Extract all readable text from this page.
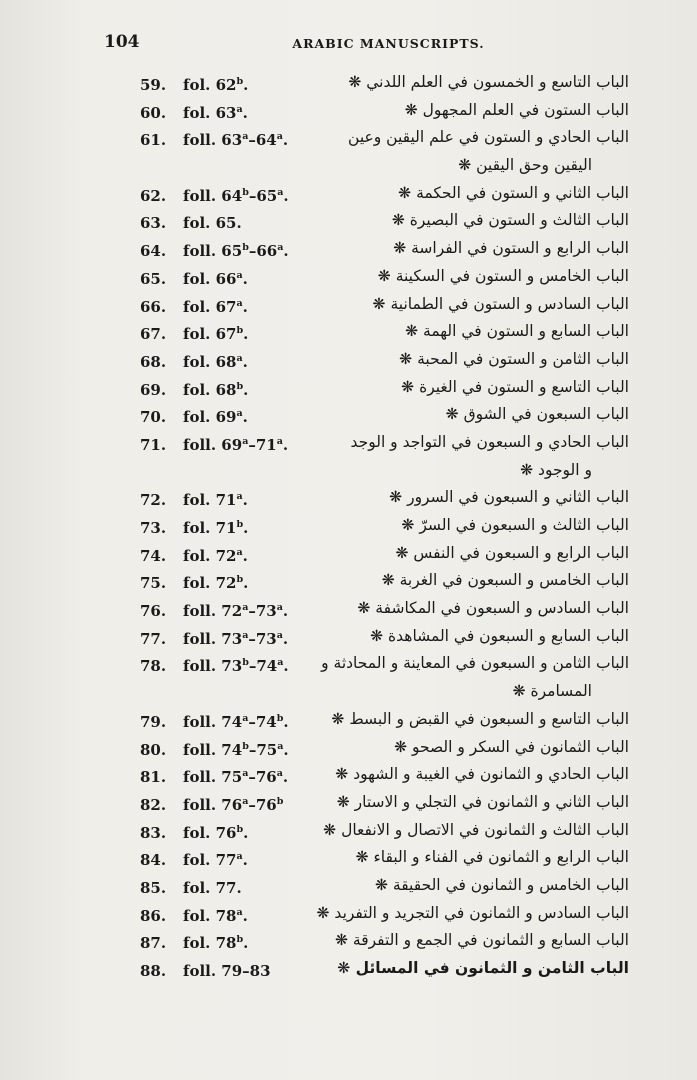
104	ARABIC MANUSCRIPTS.
59. fol. 62$^b$.	الباب التاسع و الخمسون في العلم اللدني ❋
60. fol. 63$^a$.	الباب الستون في العلم المجهول ❋
61. foll. 63$^a$–64$^a$.	الباب الحادي و الستون في علم اليقين وعين
اليقين وحق اليقين ❋
62. foll. 64$^b$–65$^a$.	الباب الثاني و الستون في الحكمة ❋
63. fol. 65.	الباب الثالث و الستون في البصيرة ❋
64. foll. 65$^b$–66$^a$.	الباب الرابع و الستون في الفراسة ❋
65. fol. 66$^a$.	الباب الخامس و الستون في السكينة ❋
66. fol. 67$^a$.	الباب السادس و الستون في الطمانية ❋
67. fol. 67$^b$.	الباب السابع و الستون في الهمة ❋
68. fol. 68$^a$.	الباب الثامن و الستون في المحبة ❋
69. fol. 68$^b$.	الباب التاسع و الستون في الغيرة ❋
70. fol. 69$^a$.	الباب السبعون في الشوق ❋
71. foll. 69$^a$–71$^a$.	الباب الحادي و السبعون في التواجد و الوجد
و الوجود ❋
72. fol. 71$^a$.	الباب الثاني و السبعون في السرور ❋
73. fol. 71$^b$.	الباب الثالث و السبعون في السرّ ❋
74. fol. 72$^a$.	الباب الرابع و السبعون في النفس ❋
75. fol. 72$^b$.	الباب الخامس و السبعون في الغربة ❋
76. foll. 72$^a$–73$^a$.	الباب السادس و السبعون في المكاشفة ❋
77. foll. 73$^a$–73$^a$.	الباب السابع و السبعون في المشاهدة ❋
78. foll. 73$^b$–74$^a$. الباب الثامن و السبعون في المعاينة و المحادثة و
المسامرة ❋
79. foll. 74$^a$–74$^b$.	الباب التاسع و السبعون في القبض و البسط ❋
80. foll. 74$^b$–75$^a$.	الباب الثمانون في السكر و الصحو ❋
81. foll. 75$^a$–76$^a$.	الباب الحادي و الثمانون في الغيبة و الشهود ❋
82. foll. 76$^a$–76$^b$	الباب الثاني و الثمانون في التجلي و الاستار ❋
83. fol. 76$^b$.	الباب الثالث و الثمانون في الاتصال و الانفعال ❋
84. fol. 77$^a$.	الباب الرابع و الثمانون في الفناء و البقاء ❋
85. fol. 77.	الباب الخامس و الثمانون في الحقيقة ❋
86. fol. 78$^a$.	الباب السادس و الثمانون في التجريد و التفريد ❋
87. fol. 78$^b$.	الباب السابع و الثمانون في الجمع و التفرقة ❋
88. foll. 79–83	الباب الثامن و الثمانون في المسائل ❋
